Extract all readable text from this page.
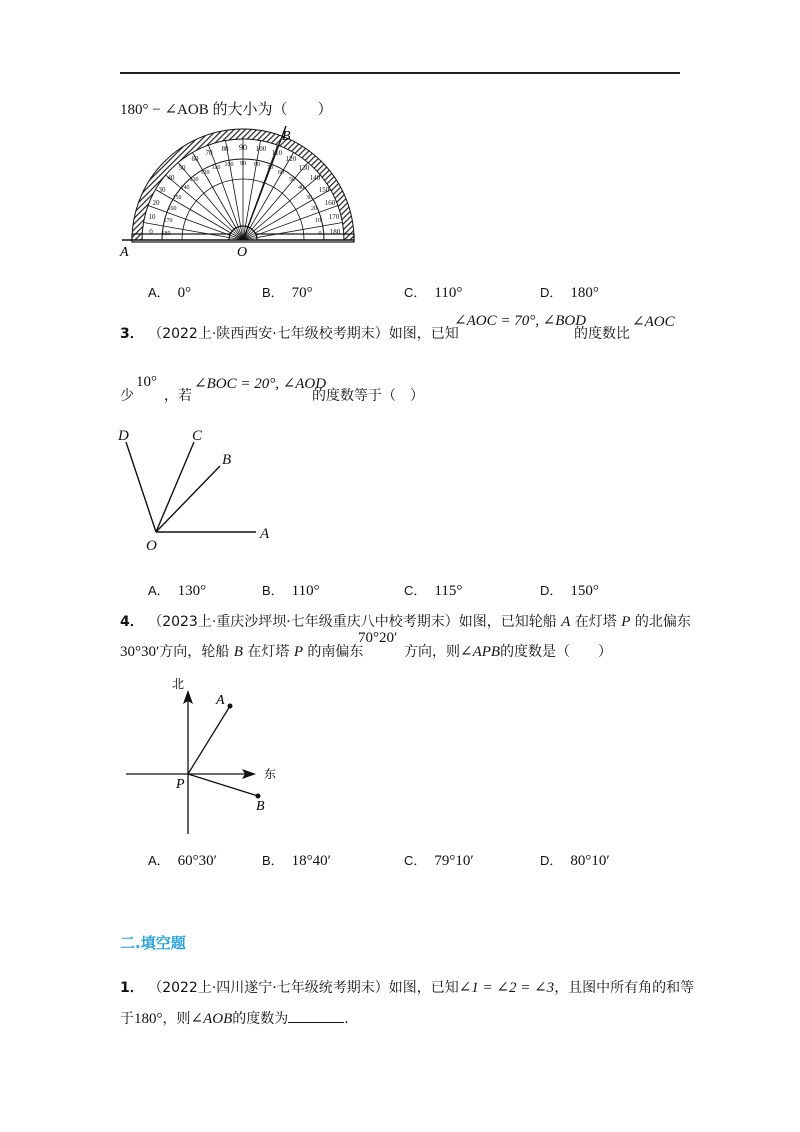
180° − ∠AOB 的大小为（　　）
0
10
20
30
40
50
60
70 80 90 100 110
120
130
140
150
160
170
180
180
170
160
150
140
130
120
110 100 90 80 70
60
50
40
30
20
10
0
A
B
O
A． 0°	B． 70°	C． 110°	D． 180°
3． （2022上·陕西西安·七年级校考期末）如图，已知
∠AOC = 70°, ∠BOD
的度数比
∠AOC
少
10°
，若
∠BOC = 20°, ∠AOD
的度数等于（　）
D	C
B
A
O
A． 130°	B． 110°	C． 115°	D． 150°
4． （2023上·重庆沙坪坝·七年级重庆八中校考期末）如图，已知轮船 A 在灯塔 P 的北偏东
30°30′方向，轮船 B 在灯塔 P 的南偏东
70°20′
方向，则∠APB的度数是（　　）
北
东
A
B
P
A． 60°30′	B． 18°40′	C． 79°10′	D． 80°10′
二.填空题
1． （2022上·四川遂宁·七年级统考期末）如图，已知∠1 = ∠2 = ∠3，且图中所有角的和等
于180°，则∠AOB的度数为	.
